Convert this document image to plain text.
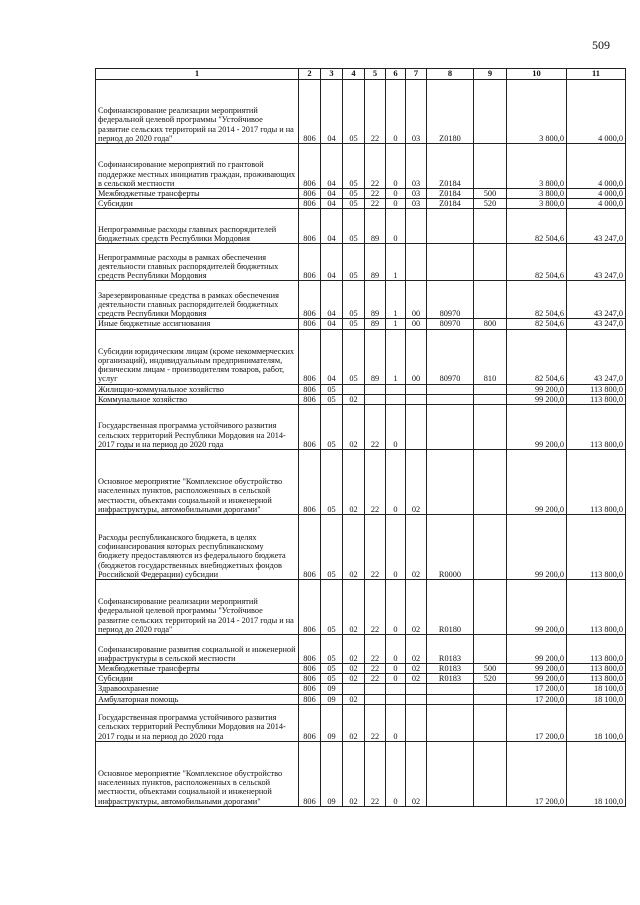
509
1	2	3	4	5	6	7	8	9	10	11
Софинансирование реализации мероприятий федеральной целевой программы "Устойчивое развитие сельских территорий на 2014 - 2017 годы и на период до 2020 года"	806	04	05	22	0	03	Z0180		3 800,0	4 000,0
Софинансирование мероприятий по грантовой поддержке местных инициатив граждан, проживающих в сельской местности	806	04	05	22	0	03	Z0184		3 800,0	4 000,0
Межбюджетные трансферты	806	04	05	22	0	03	Z0184	500	3 800,0	4 000,0
Субсидии	806	04	05	22	0	03	Z0184	520	3 800,0	4 000,0
Непрограммные расходы главных распорядителей бюджетных средств Республики Мордовия	806	04	05	89	0				82 504,6	43 247,0
Непрограммные расходы в рамках обеспечения деятельности главных распорядителей бюджетных средств Республики Мордовия	806	04	05	89	1				82 504,6	43 247,0
Зарезервированные средства в рамках обеспечения деятельности главных распорядителей бюджетных средств Республики Мордовия	806	04	05	89	1	00	80970		82 504,6	43 247,0
Иные бюджетные ассигнования	806	04	05	89	1	00	80970	800	82 504,6	43 247,0
Субсидии юридическим лицам (кроме некоммерческих организаций), индивидуальным предпринимателям, физическим лицам - производителям товаров, работ, услуг	806	04	05	89	1	00	80970	810	82 504,6	43 247,0
Жилищно-коммунальное хозяйство	806	05							99 200,0	113 800,0
Коммунальное хозяйство	806	05	02						99 200,0	113 800,0
Государственная программа устойчивого развития сельских территорий Республики Мордовия на 2014-2017 годы и на период до 2020 года	806	05	02	22	0				99 200,0	113 800,0
Основное мероприятие "Комплексное обустройство населенных пунктов, расположенных в сельской местности, объектами социальной и инженерной инфраструктуры, автомобильными дорогами"	806	05	02	22	0	02			99 200,0	113 800,0
Расходы республиканского бюджета, в целях софинансирования которых республиканскому бюджету предоставляются из федерального бюджета (бюджетов государственных внебюджетных фондов Российской Федерации) субсидии	806	05	02	22	0	02	R0000		99 200,0	113 800,0
Софинансирование реализации мероприятий федеральной целевой программы "Устойчивое развитие сельских территорий на 2014 - 2017 годы и на период до 2020 года"	806	05	02	22	0	02	R0180		99 200,0	113 800,0
Софинансирование развития социальной и инженерной инфраструктуры в сельской местности	806	05	02	22	0	02	R0183		99 200,0	113 800,0
Межбюджетные трансферты	806	05	02	22	0	02	R0183	500	99 200,0	113 800,0
Субсидии	806	05	02	22	0	02	R0183	520	99 200,0	113 800,0
Здравоохранение	806	09							17 200,0	18 100,0
Амбулаторная помощь	806	09	02						17 200,0	18 100,0
Государственная программа устойчивого развития сельских территорий Республики Мордовия на 2014-2017 годы и на период до 2020 года	806	09	02	22	0				17 200,0	18 100,0
Основное мероприятие "Комплексное обустройство населенных пунктов, расположенных в сельской местности, объектами социальной и инженерной инфраструктуры, автомобильными дорогами"	806	09	02	22	0	02			17 200,0	18 100,0
